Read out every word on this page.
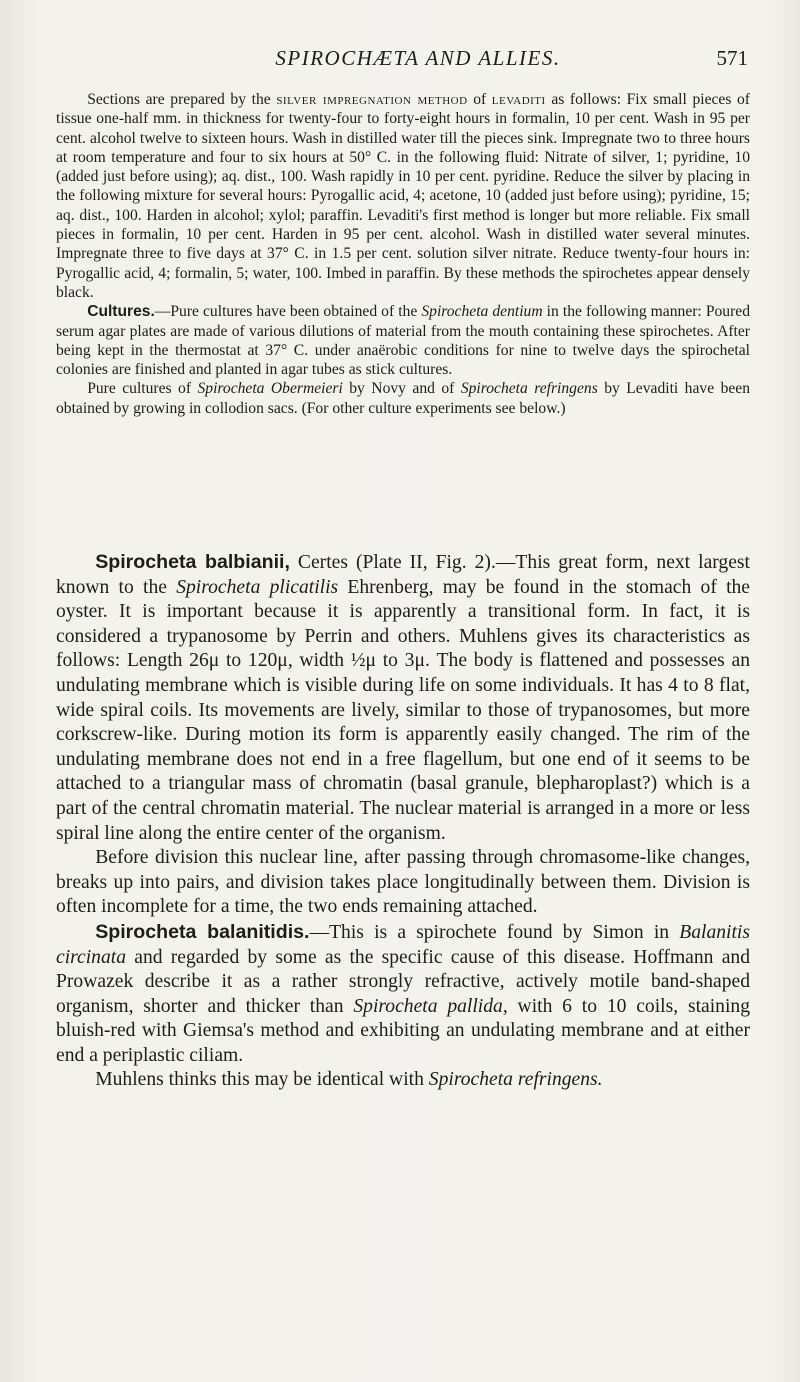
SPIROCHÆTA AND ALLIES.	571

Sections are prepared by the silver impregnation method of levaditi as follows: Fix small pieces of tissue one-half mm. in thickness for twenty-four to forty-eight hours in formalin, 10 per cent. Wash in 95 per cent. alcohol twelve to sixteen hours. Wash in distilled water till the pieces sink. Impregnate two to three hours at room temperature and four to six hours at 50° C. in the following fluid: Nitrate of silver, 1; pyridine, 10 (added just before using); aq. dist., 100. Wash rapidly in 10 per cent. pyridine. Reduce the silver by placing in the following mixture for several hours: Pyrogallic acid, 4; acetone, 10 (added just before using); pyridine, 15; aq. dist., 100. Harden in alcohol; xylol; paraffin. Levaditi's first method is longer but more reliable. Fix small pieces in formalin, 10 per cent. Harden in 95 per cent. alcohol. Wash in distilled water several minutes. Impregnate three to five days at 37° C. in 1.5 per cent. solution silver nitrate. Reduce twenty-four hours in: Pyrogallic acid, 4; formalin, 5; water, 100. Imbed in paraffin. By these methods the spirochetes appear densely black.

Cultures.—Pure cultures have been obtained of the Spirocheta dentium in the following manner: Poured serum agar plates are made of various dilutions of material from the mouth containing these spirochetes. After being kept in the thermostat at 37° C. under anaërobic conditions for nine to twelve days the spirochetal colonies are finished and planted in agar tubes as stick cultures.

Pure cultures of Spirocheta Obermeieri by Novy and of Spirocheta refringens by Levaditi have been obtained by growing in collodion sacs. (For other culture experiments see below.)

Spirocheta balbianii, Certes (Plate II, Fig. 2).—This great form, next largest known to the Spirocheta plicatilis Ehrenberg, may be found in the stomach of the oyster. It is important because it is apparently a transitional form. In fact, it is considered a trypanosome by Perrin and others. Muhlens gives its characteristics as follows: Length 26μ to 120μ, width ½μ to 3μ. The body is flattened and possesses an undulating membrane which is visible during life on some individuals. It has 4 to 8 flat, wide spiral coils. Its movements are lively, similar to those of trypanosomes, but more corkscrew-like. During motion its form is apparently easily changed. The rim of the undulating membrane does not end in a free flagellum, but one end of it seems to be attached to a triangular mass of chromatin (basal granule, blepharoplast?) which is a part of the central chromatin material. The nuclear material is arranged in a more or less spiral line along the entire center of the organism.

Before division this nuclear line, after passing through chromasome-like changes, breaks up into pairs, and division takes place longitudinally between them. Division is often incomplete for a time, the two ends remaining attached.

Spirocheta balanitidis.—This is a spirochete found by Simon in Balanitis circinata and regarded by some as the specific cause of this disease. Hoffmann and Prowazek describe it as a rather strongly refractive, actively motile band-shaped organism, shorter and thicker than Spirocheta pallida, with 6 to 10 coils, staining bluish-red with Giemsa's method and exhibiting an undulating membrane and at either end a periplastic ciliam.

Muhlens thinks this may be identical with Spirocheta refringens.
